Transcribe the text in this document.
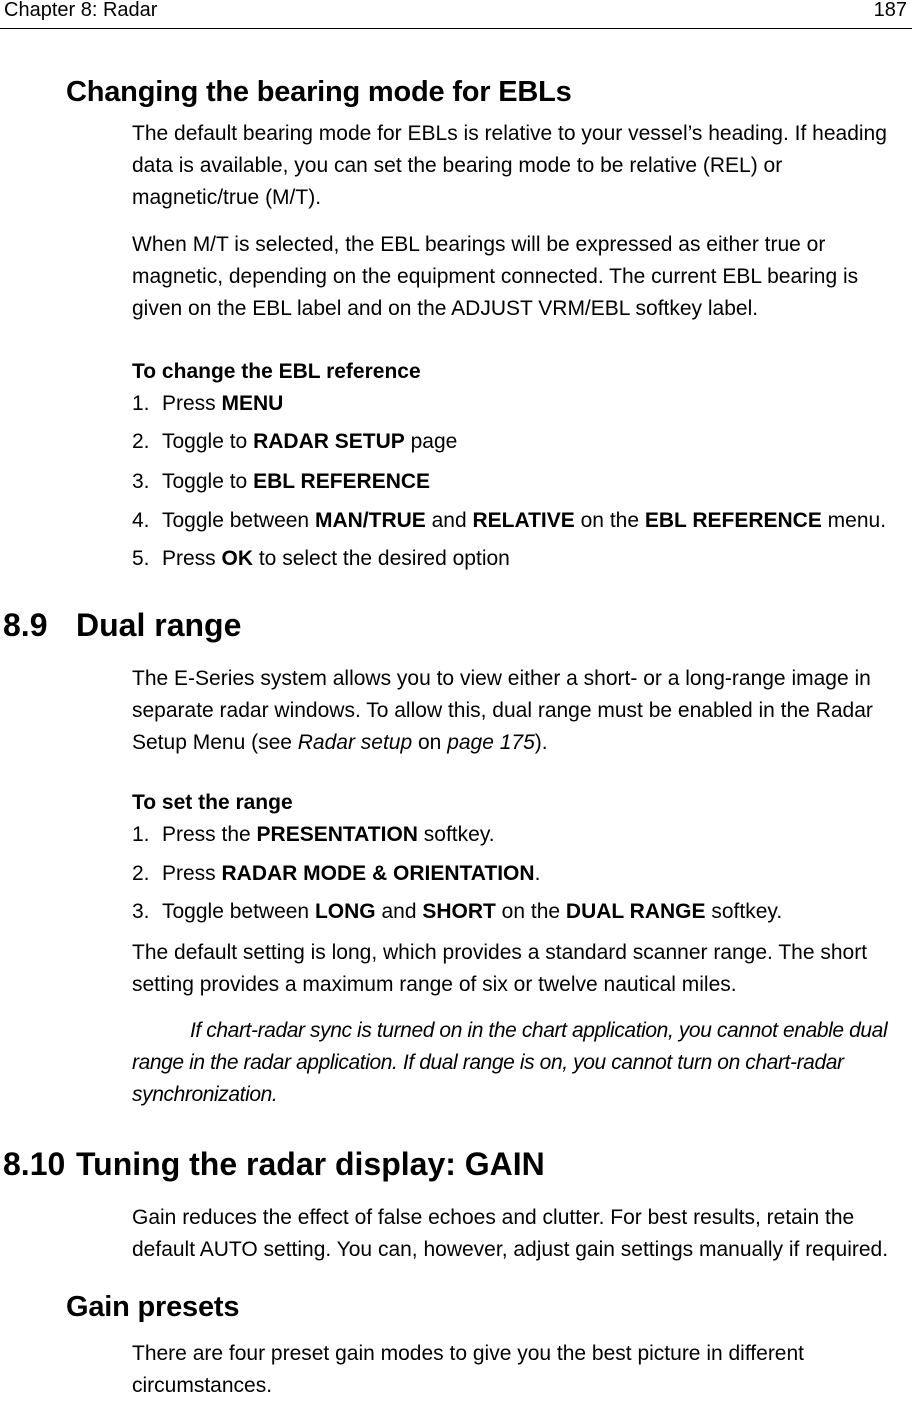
Chapter 8: Radar	187
Changing the bearing mode for EBLs
The default bearing mode for EBLs is relative to your vessel’s heading. If heading data is available, you can set the bearing mode to be relative (REL) or magnetic/true (M/T).
When M/T is selected, the EBL bearings will be expressed as either true or magnetic, depending on the equipment connected. The current EBL bearing is given on the EBL label and on the ADJUST VRM/EBL softkey label.
To change the EBL reference
1. Press MENU
2. Toggle to RADAR SETUP page
3. Toggle to EBL REFERENCE
4. Toggle between MAN/TRUE and RELATIVE on the EBL REFERENCE menu.
5. Press OK to select the desired option
8.9 Dual range
The E-Series system allows you to view either a short- or a long-range image in separate radar windows. To allow this, dual range must be enabled in the Radar Setup Menu (see Radar setup on page 175).
To set the range
1. Press the PRESENTATION softkey.
2. Press RADAR MODE & ORIENTATION.
3. Toggle between LONG and SHORT on the DUAL RANGE softkey.
The default setting is long, which provides a standard scanner range. The short setting provides a maximum range of six or twelve nautical miles.
If chart-radar sync is turned on in the chart application, you cannot enable dual range in the radar application. If dual range is on, you cannot turn on chart-radar synchronization.
8.10 Tuning the radar display: GAIN
Gain reduces the effect of false echoes and clutter. For best results, retain the default AUTO setting. You can, however, adjust gain settings manually if required.
Gain presets
There are four preset gain modes to give you the best picture in different circumstances.
